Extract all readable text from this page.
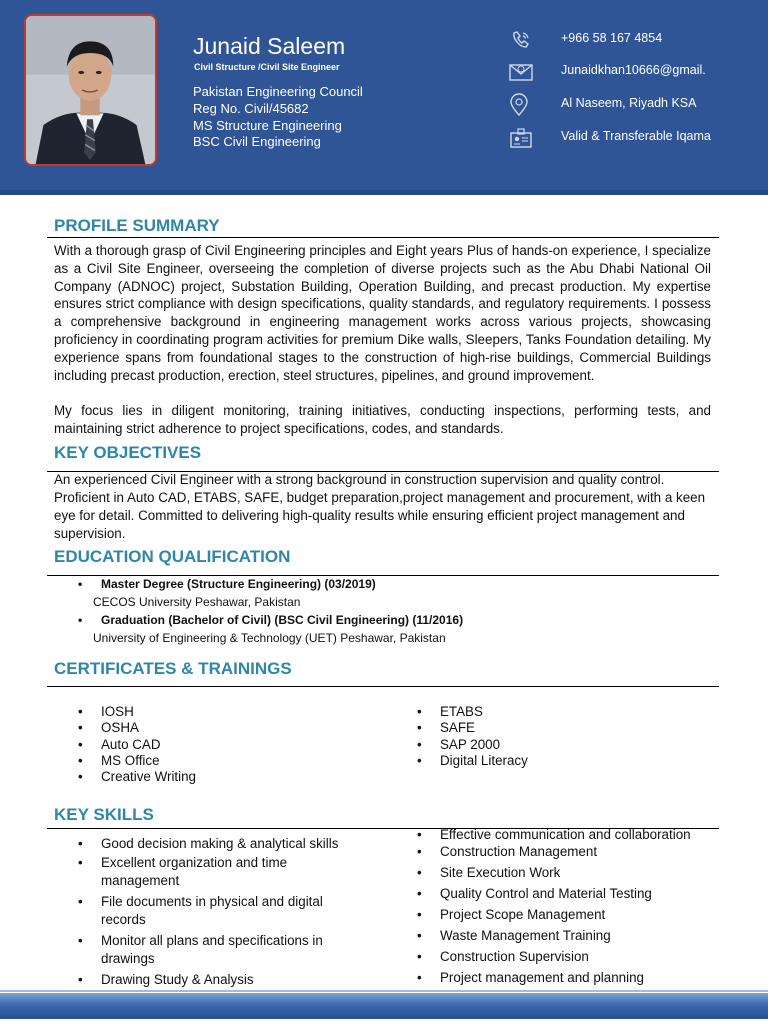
Junaid Saleem
Civil Structure /Civil Site Engineer
Pakistan Engineering Council
Reg No. Civil/45682
MS Structure Engineering
BSC Civil Engineering
+966 58 167 4854
Junaidkhan10666@gmail.
Al Naseem, Riyadh KSA
Valid & Transferable Iqama
PROFILE SUMMARY
With a thorough grasp of Civil Engineering principles and Eight years Plus of hands-on experience, I specialize as a Civil Site Engineer, overseeing the completion of diverse projects such as the Abu Dhabi National Oil Company (ADNOC) project, Substation Building, Operation Building, and precast production. My expertise ensures strict compliance with design specifications, quality standards, and regulatory requirements. I possess a comprehensive background in engineering management works across various projects, showcasing proficiency in coordinating program activities for premium Dike walls, Sleepers, Tanks Foundation detailing. My experience spans from foundational stages to the construction of high-rise buildings, Commercial Buildings including precast production, erection, steel structures, pipelines, and ground improvement.
My focus lies in diligent monitoring, training initiatives, conducting inspections, performing tests, and maintaining strict adherence to project specifications, codes, and standards.
KEY OBJECTIVES
An experienced Civil Engineer with a strong background in construction supervision and quality control. Proficient in Auto CAD, ETABS, SAFE, budget preparation,project management and procurement, with a keen eye for detail. Committed to delivering high-quality results while ensuring efficient project management and supervision.
EDUCATION QUALIFICATION
•	Master Degree (Structure Engineering) (03/2019)
CECOS University Peshawar, Pakistan
•	Graduation (Bachelor of Civil) (BSC Civil Engineering) (11/2016)
University of Engineering & Technology (UET) Peshawar, Pakistan
CERTIFICATES & TRAININGS
• IOSH
• OSHA
• Auto CAD
• MS Office
• Creative Writing
• ETABS
• SAFE
• SAP 2000
• Digital Literacy
KEY SKILLS
• Good decision making & analytical skills
• Excellent organization and time management
• File documents in physical and digital records
• Monitor all plans and specifications in drawings
• Drawing Study & Analysis
• Effective communication and collaboration
• Construction Management
• Site Execution Work
• Quality Control and Material Testing
• Project Scope Management
• Waste Management Training
• Construction Supervision
• Project management and planning
